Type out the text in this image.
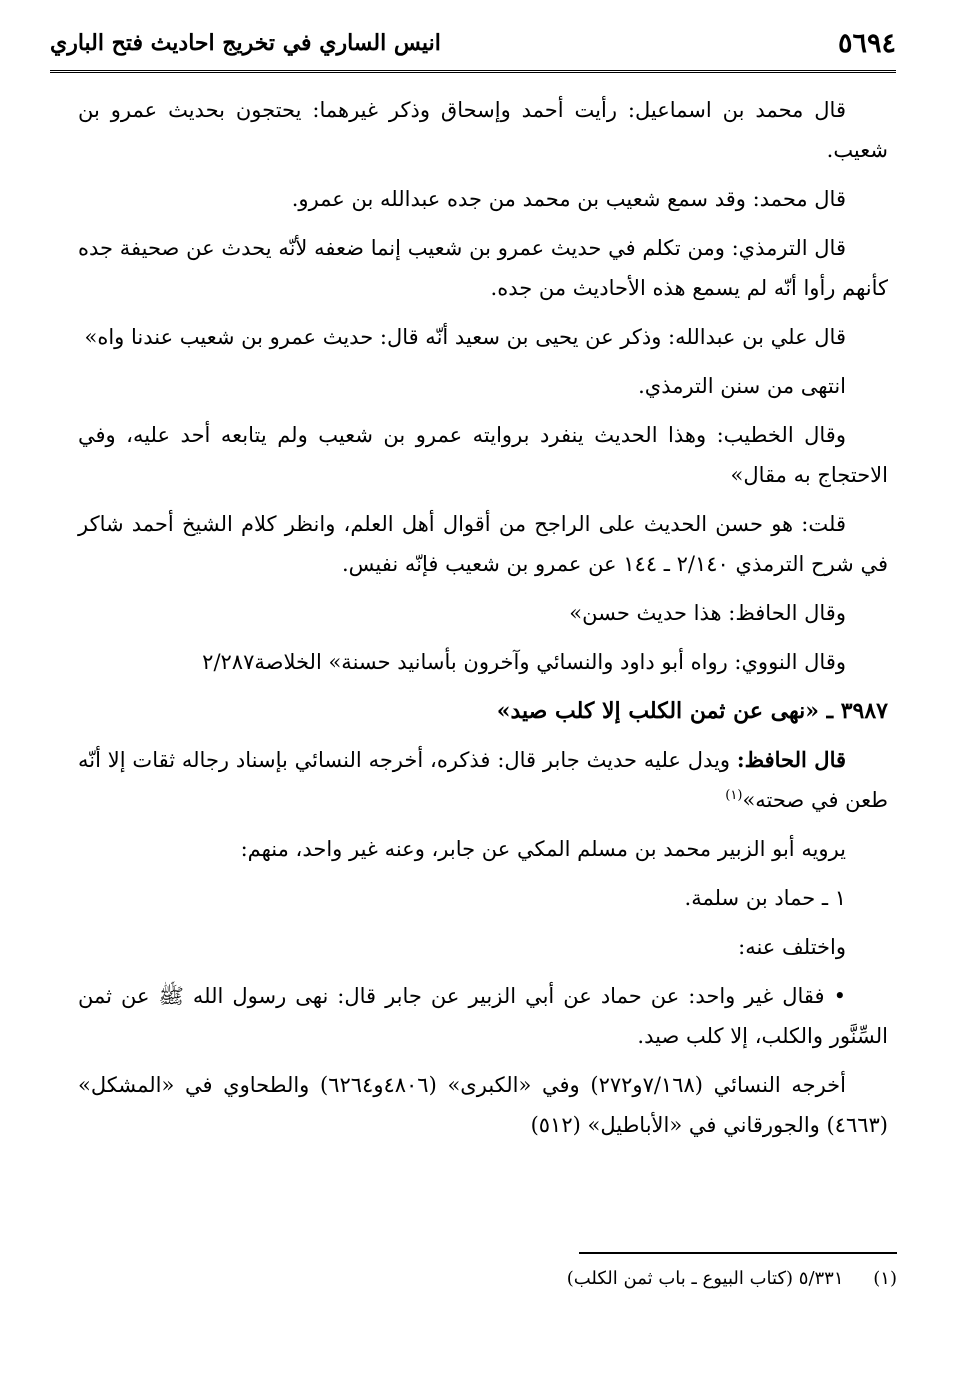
٥٦٩٤
انيس الساري في تخريج احاديث فتح الباري

قال محمد بن اسماعيل: رأيت أحمد وإسحاق وذكر غيرهما: يحتجون بحديث عمرو بن شعيب.

قال محمد: وقد سمع شعيب بن محمد من جده عبدالله بن عمرو.

قال الترمذي: ومن تكلم في حديث عمرو بن شعيب إنما ضعفه لأنّه يحدث عن صحيفة جده كأنهم رأوا أنّه لم يسمع هذه الأحاديث من جده.

قال علي بن عبدالله: وذكر عن يحيى بن سعيد أنّه قال: حديث عمرو بن شعيب عندنا واه»

انتهى من سنن الترمذي.

وقال الخطيب: وهذا الحديث ينفرد بروايته عمرو بن شعيب ولم يتابعه أحد عليه، وفي الاحتجاج به مقال»

قلت: هو حسن الحديث على الراجح من أقوال أهل العلم، وانظر كلام الشيخ أحمد شاكر في شرح الترمذي ٢/١٤٠ ـ ١٤٤ عن عمرو بن شعيب فإنّه نفيس.

وقال الحافظ: هذا حديث حسن»

وقال النووي: رواه أبو داود والنسائي وآخرون بأسانيد حسنة» الخلاصة٢/٢٨٧

٣٩٨٧ ـ «نهى عن ثمن الكلب إلا كلب صيد»

قال الحافظ: ويدل عليه حديث جابر قال: فذكره، أخرجه النسائي بإسناد رجاله ثقات إلا أنّه طعن في صحته»$^{(١)}$

يرويه أبو الزبير محمد بن مسلم المكي عن جابر، وعنه غير واحد، منهم:

١ ـ حماد بن سلمة.

واختلف عنه:

• فقال غير واحد: عن حماد عن أبي الزبير عن جابر قال: نهى رسول الله ﷺ عن ثمن السِّنَّور والكلب، إلا كلب صيد.

أخرجه النسائي (٧/١٦٨و٢٧٢) وفي «الكبرى» (٤٨٠٦و٦٢٦٤) والطحاوي في «المشكل» (٤٦٦٣) والجورقاني في «الأباطيل» (٥١٢)

(١) ٥/٣٣١ (كتاب البيوع ـ باب ثمن الكلب)
